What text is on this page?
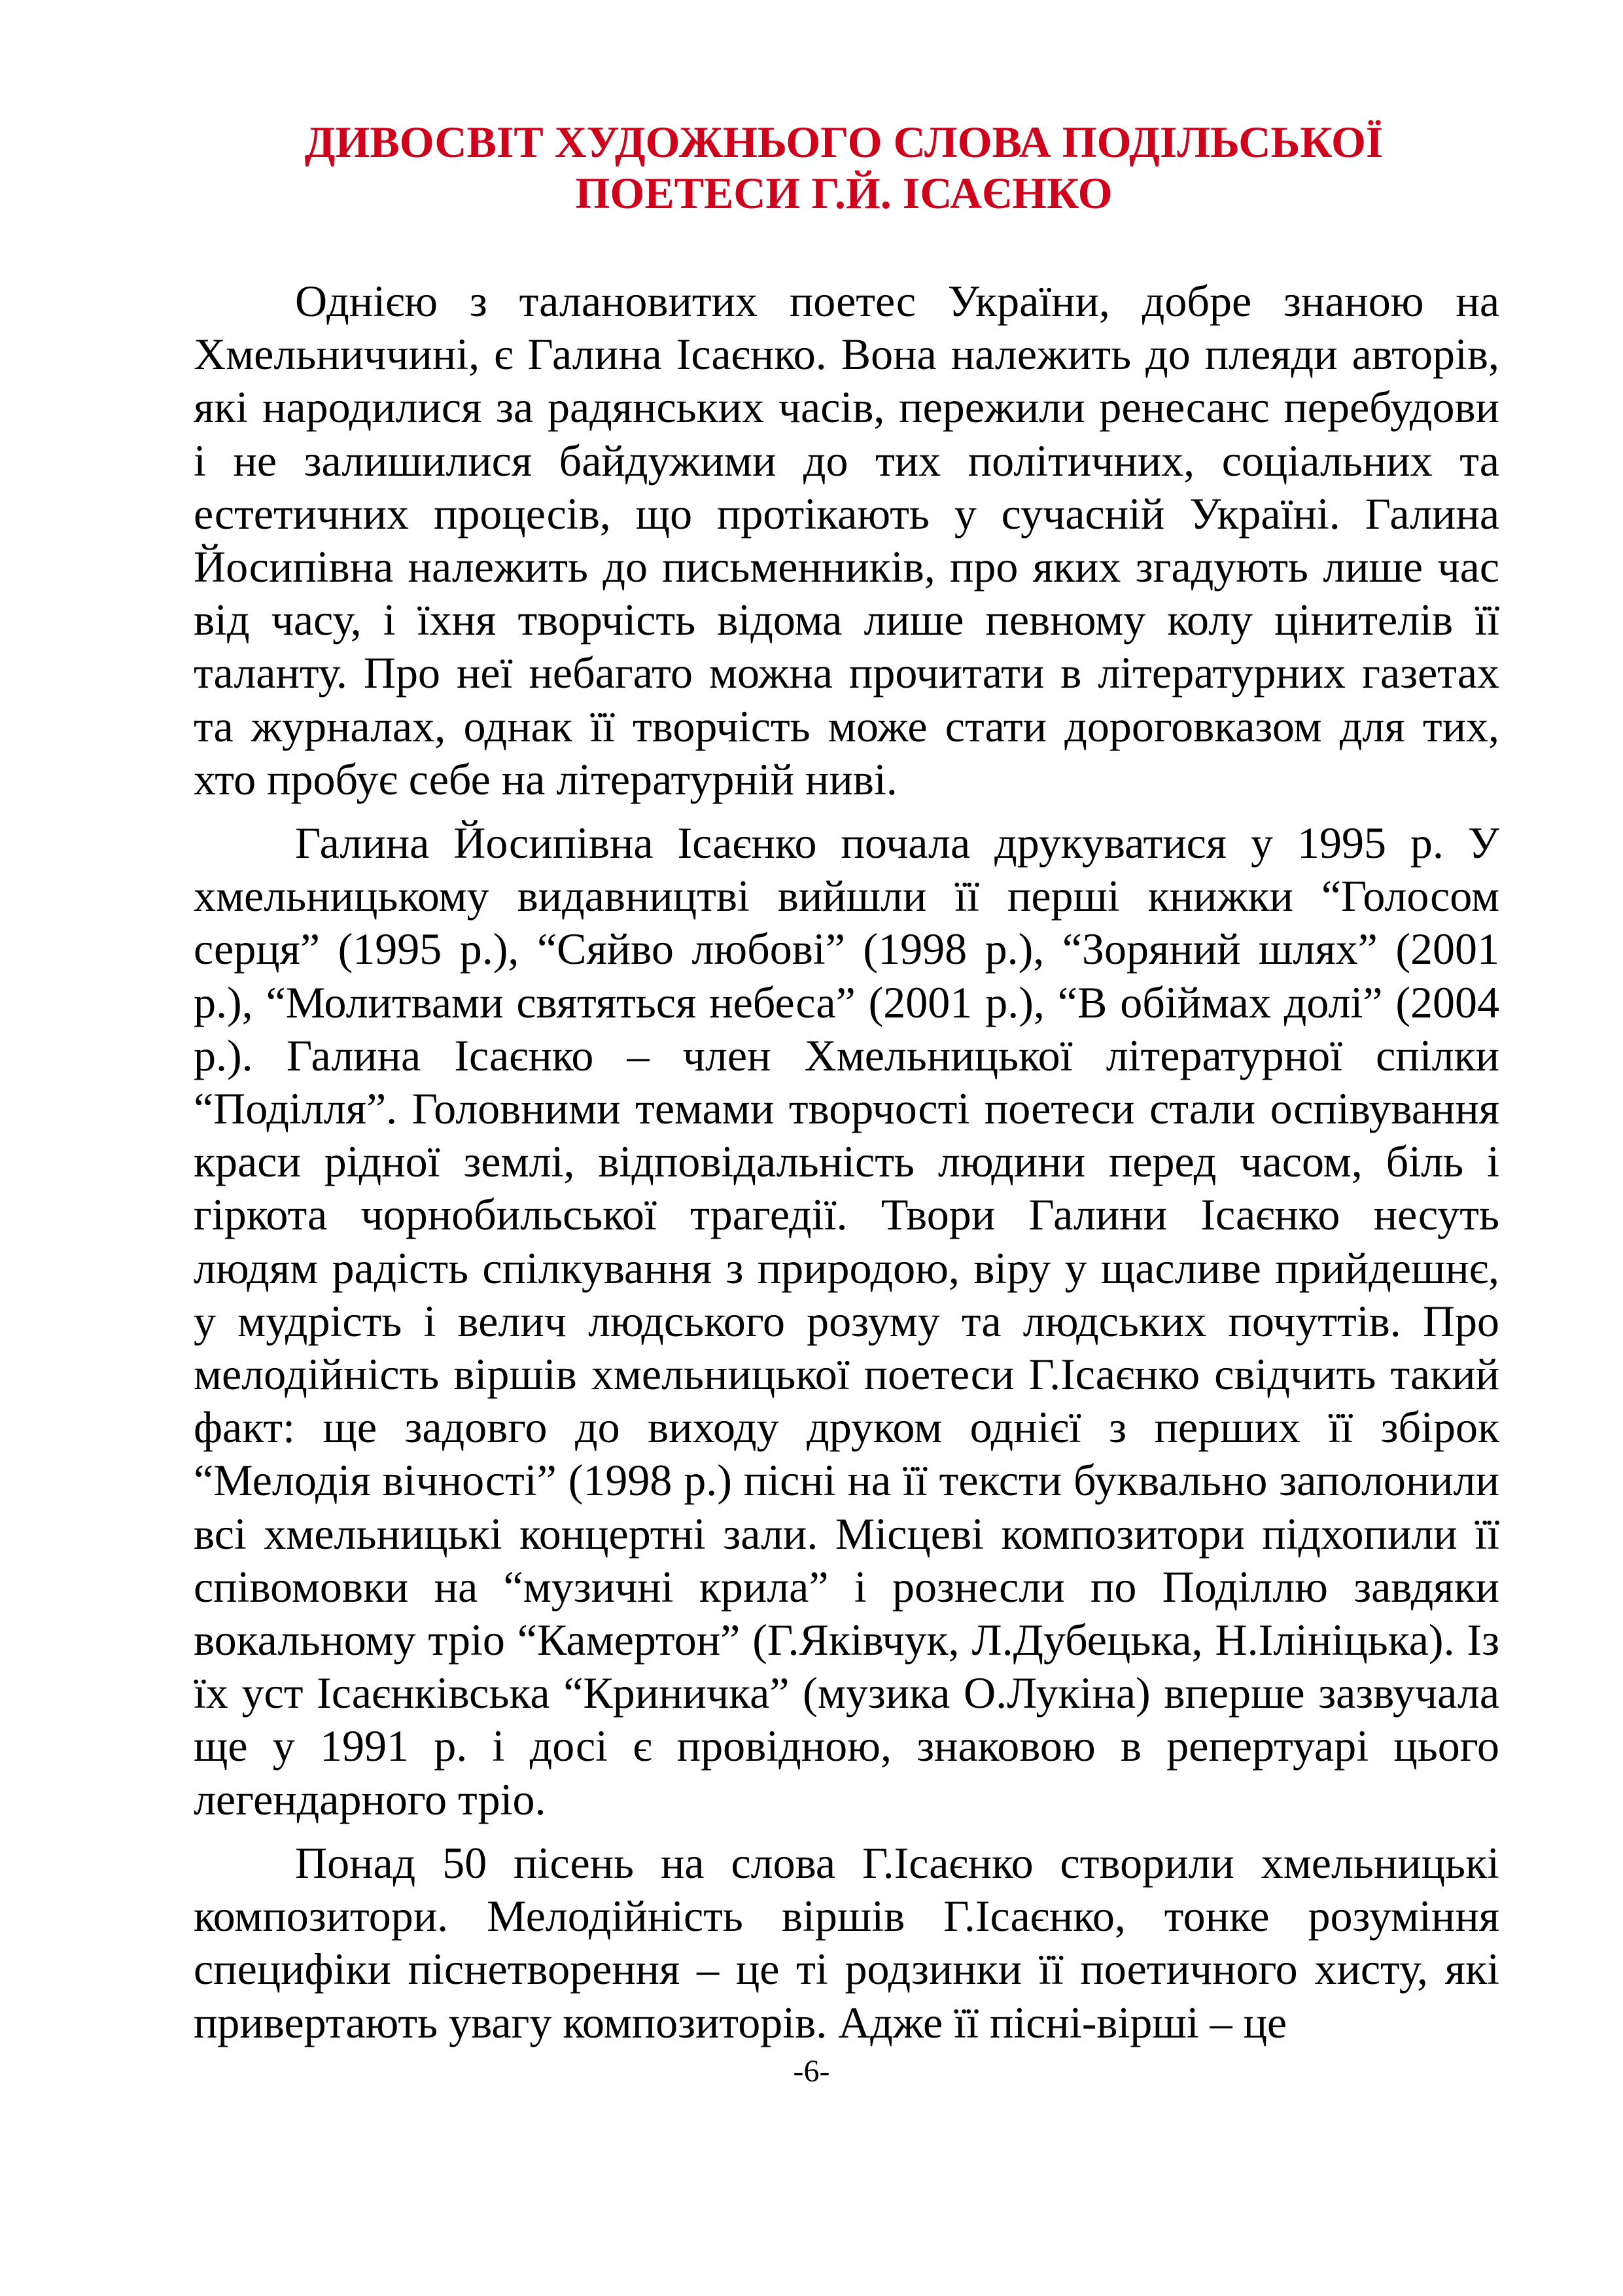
ДИВОСВІТ ХУДОЖНЬОГО СЛОВА ПОДІЛЬСЬКОЇ
ПОЕТЕСИ Г.Й. ІСАЄНКО

Однією з талановитих поетес України, добре знаною на Хмельниччині, є Галина Ісаєнко. Вона належить до плеяди авторів, які народилися за радянських часів, пережили ренесанс перебудови і не залишилися байдужими до тих політичних, соціальних та естетичних процесів, що протікають у сучасній Україні. Галина Йосипівна належить до письменників, про яких згадують лише час від часу, і їхня творчість відома лише певному колу цінителів її таланту. Про неї небагато можна прочитати в літературних газетах та журналах, однак її творчість може стати дороговказом для тих, хто пробує себе на літературній ниві.

Галина Йосипівна Ісаєнко почала друкуватися у 1995 р. У хмельницькому видавництві вийшли її перші книжки “Голосом серця” (1995 р.), “Сяйво любові” (1998 р.), “Зоряний шлях” (2001 р.), “Молитвами святяться небеса” (2001 р.), “В обіймах долі” (2004 р.). Галина Ісаєнко – член Хмельницької літературної спілки “Поділля”. Головними темами творчості поетеси стали оспівування краси рідної землі, відповідальність людини перед часом, біль і гіркота чорнобильської трагедії. Твори Галини Ісаєнко несуть людям радість спілкування з природою, віру у щасливе прийдешнє, у мудрість і велич людського розуму та людських почуттів. Про мелодійність віршів хмельницької поетеси Г.Ісаєнко свідчить такий факт: ще задовго до виходу друком однієї з перших її збірок “Мелодія вічності” (1998 р.) пісні на її тексти буквально заполонили всі хмельницькі концертні зали. Місцеві композитори підхопили її співомовки на “музичні крила” і рознесли по Поділлю завдяки вокальному тріо “Камертон” (Г.Яківчук, Л.Дубецька, Н.Ілініцька). Із їх уст Ісаєнківська “Криничка” (музика О.Лукіна) вперше зазвучала ще у 1991 р. і досі є провідною, знаковою в репертуарі цього легендарного тріо.

Понад 50 пісень на слова Г.Ісаєнко створили хмельницькі композитори. Мелодійність віршів Г.Ісаєнко, тонке розуміння специфіки піснетворення – це ті родзинки її поетичного хисту, які привертають увагу композиторів. Адже її пісні-вірші – це

-6-
